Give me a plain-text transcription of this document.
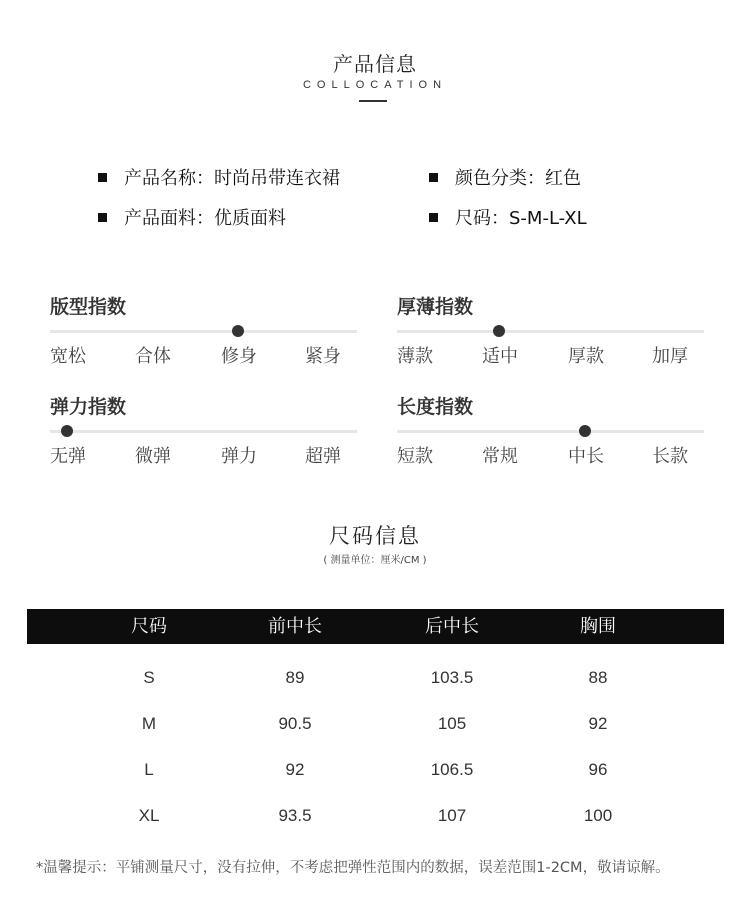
产品信息
COLLOCATION
产品名称：时尚吊带连衣裙	颜色分类：红色
产品面料：优质面料	尺码：S-M-L-XL
版型指数
宽松	合体	修身	紧身
厚薄指数
薄款	适中	厚款	加厚
弹力指数
无弹	微弹	弹力	超弹
长度指数
短款	常规	中长	长款
尺码信息
( 测量单位：厘米/CM )
尺码	前中长	后中长	胸围
S	89	103.5	88
M	90.5	105	92
L	92	106.5	96
XL	93.5	107	100
*温馨提示：平铺测量尺寸，没有拉伸，不考虑把弹性范围内的数据，误差范围1-2CM，敬请谅解。
